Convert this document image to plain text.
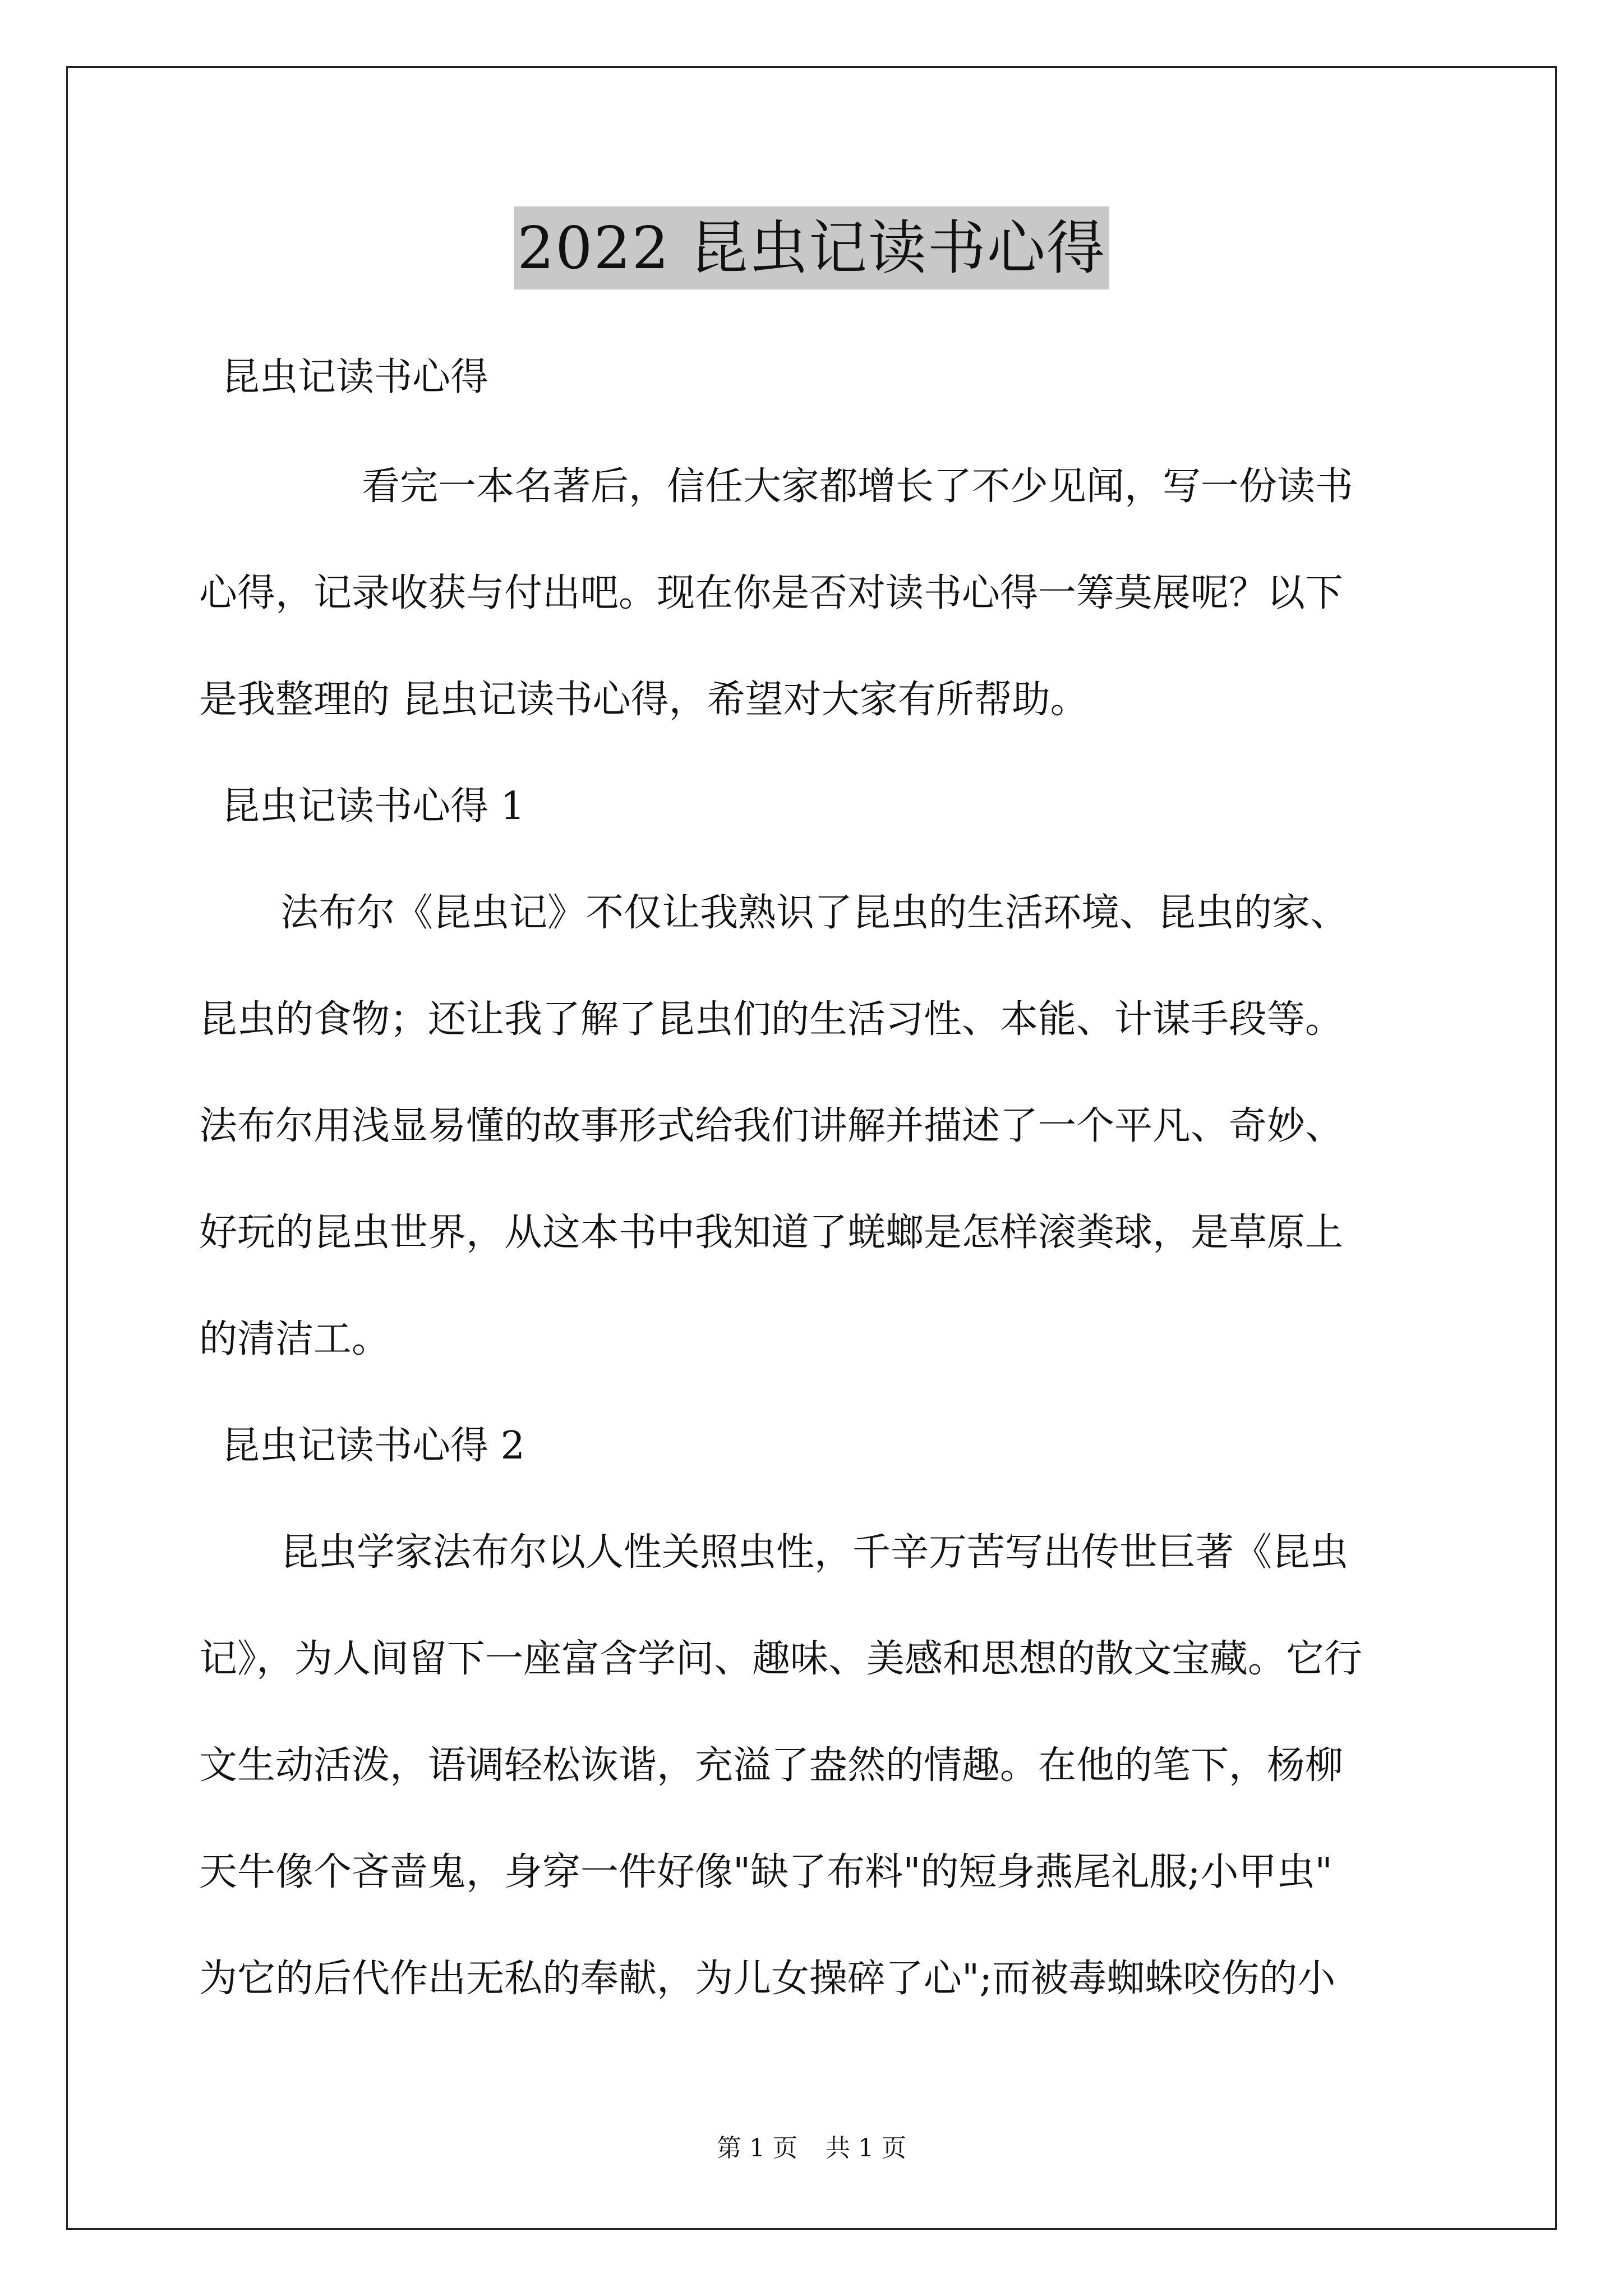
2022 昆虫记读书心得

昆虫记读书心得

看完一本名著后，信任大家都增长了不少见闻，写一份读书

心得，记录收获与付出吧。现在你是否对读书心得一筹莫展呢？以下

是我整理的 昆虫记读书心得，希望对大家有所帮助。

昆虫记读书心得 1

法布尔《昆虫记》不仅让我熟识了昆虫的生活环境、昆虫的家、

昆虫的食物；还让我了解了昆虫们的生活习性、本能、计谋手段等。

法布尔用浅显易懂的故事形式给我们讲解并描述了一个平凡、奇妙、

好玩的昆虫世界，从这本书中我知道了蜣螂是怎样滚粪球，是草原上

的清洁工。

昆虫记读书心得 2

昆虫学家法布尔以人性关照虫性，千辛万苦写出传世巨著《昆虫

记》，为人间留下一座富含学问、趣味、美感和思想的散文宝藏。它行

文生动活泼，语调轻松诙谐，充溢了盎然的情趣。在他的笔下，杨柳

天牛像个吝啬鬼，身穿一件好像"缺了布料"的短身燕尾礼服;小甲虫"

为它的后代作出无私的奉献，为儿女操碎了心";而被毒蜘蛛咬伤的小

第 1 页 共 1 页
